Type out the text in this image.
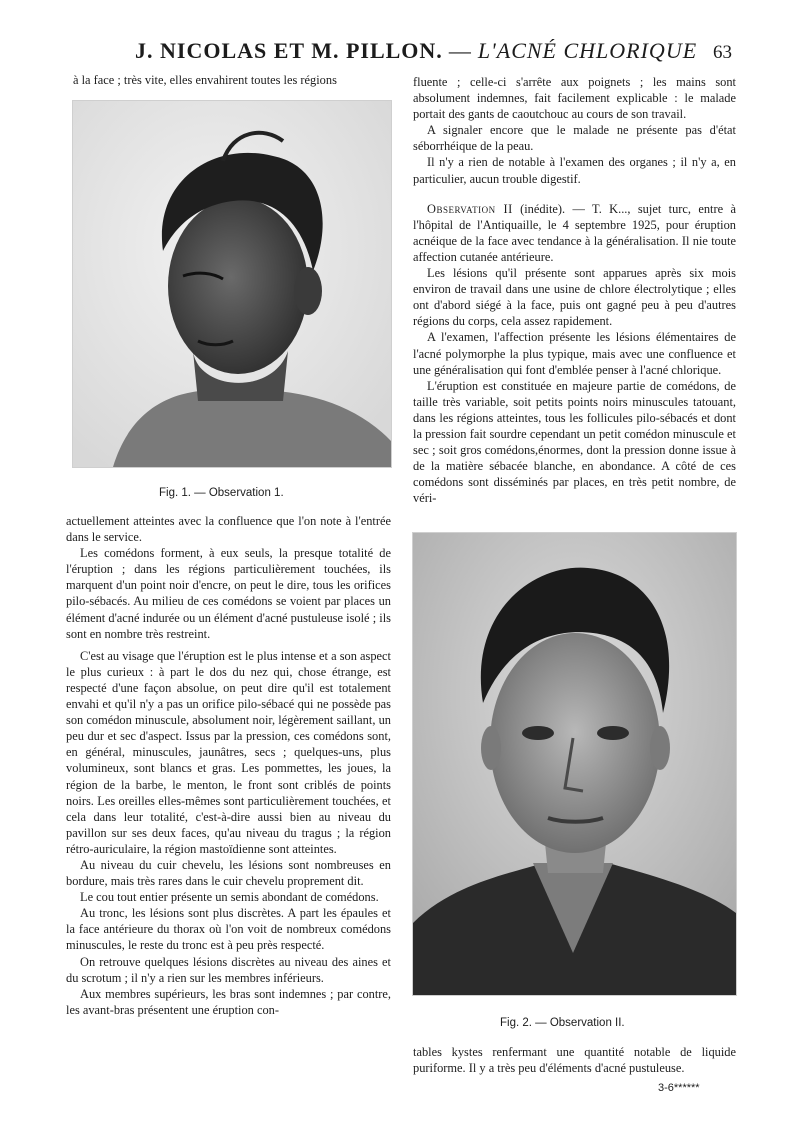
J. NICOLAS ET M. PILLON. — L'ACNÉ CHLORIQUE 63

à la face ; très vite, elles envahirent toutes les régions

Fig. 1. — Observation 1.

actuellement atteintes avec la confluence que l'on note à l'entrée dans le service.

Les comédons forment, à eux seuls, la presque totalité de l'éruption ; dans les régions particulièrement touchées, ils marquent d'un point noir d'encre, on peut le dire, tous les orifices pilo-sébacés. Au milieu de ces comédons se voient par places un élément d'acné indurée ou un élément d'acné pustuleuse isolé ; ils sont en nombre très restreint.

C'est au visage que l'éruption est le plus intense et a son aspect le plus curieux : à part le dos du nez qui, chose étrange, est respecté d'une façon absolue, on peut dire qu'il est totalement envahi et qu'il n'y a pas un orifice pilo-sébacé qui ne possède pas son comédon minuscule, absolument noir, légèrement saillant, un peu dur et sec d'aspect. Issus par la pression, ces comédons sont, en général, minuscules, jaunâtres, secs ; quelques-uns, plus volumineux, sont blancs et gras. Les pommettes, les joues, la région de la barbe, le menton, le front sont criblés de points noirs. Les oreilles elles-mêmes sont particulièrement touchées, et cela dans leur totalité, c'est-à-dire aussi bien au niveau du pavillon sur ses deux faces, qu'au niveau du tragus ; la région rétro-auriculaire, la région mastoïdienne sont atteintes.

Au niveau du cuir chevelu, les lésions sont nombreuses en bordure, mais très rares dans le cuir chevelu proprement dit.

Le cou tout entier présente un semis abondant de comédons.

Au tronc, les lésions sont plus discrètes. A part les épaules et la face antérieure du thorax où l'on voit de nombreux comédons minuscules, le reste du tronc est à peu près respecté.

On retrouve quelques lésions discrètes au niveau des aines et du scrotum ; il n'y a rien sur les membres inférieurs.

Aux membres supérieurs, les bras sont indemnes ; par contre, les avant-bras présentent une éruption con-

fluente ; celle-ci s'arrête aux poignets ; les mains sont absolument indemnes, fait facilement explicable : le malade portait des gants de caoutchouc au cours de son travail.

A signaler encore que le malade ne présente pas d'état séborrhéique de la peau.

Il n'y a rien de notable à l'examen des organes ; il n'y a, en particulier, aucun trouble digestif.

Observation II (inédite). — T. K..., sujet turc, entre à l'hôpital de l'Antiquaille, le 4 septembre 1925, pour éruption acnéique de la face avec tendance à la généralisation. Il nie toute affection cutanée antérieure.

Les lésions qu'il présente sont apparues après six mois environ de travail dans une usine de chlore électrolytique ; elles ont d'abord siégé à la face, puis ont gagné peu à peu d'autres régions du corps, cela assez rapidement.

A l'examen, l'affection présente les lésions élémentaires de l'acné polymorphe la plus typique, mais avec une confluence et une généralisation qui font d'emblée penser à l'acné chlorique.

L'éruption est constituée en majeure partie de comédons, de taille très variable, soit petits points noirs minuscules tatouant, dans les régions atteintes, tous les follicules pilo-sébacés et dont la pression fait sourdre cependant un petit comédon minuscule et sec ; soit gros comédons,énormes, dont la pression donne issue à de la matière sébacée blanche, en abondance. A côté de ces comédons sont disséminés par places, en très petit nombre, de véri-

Fig. 2. — Observation II.

tables kystes renfermant une quantité notable de liquide puriforme. Il y a très peu d'éléments d'acné pustuleuse.

3-6******
